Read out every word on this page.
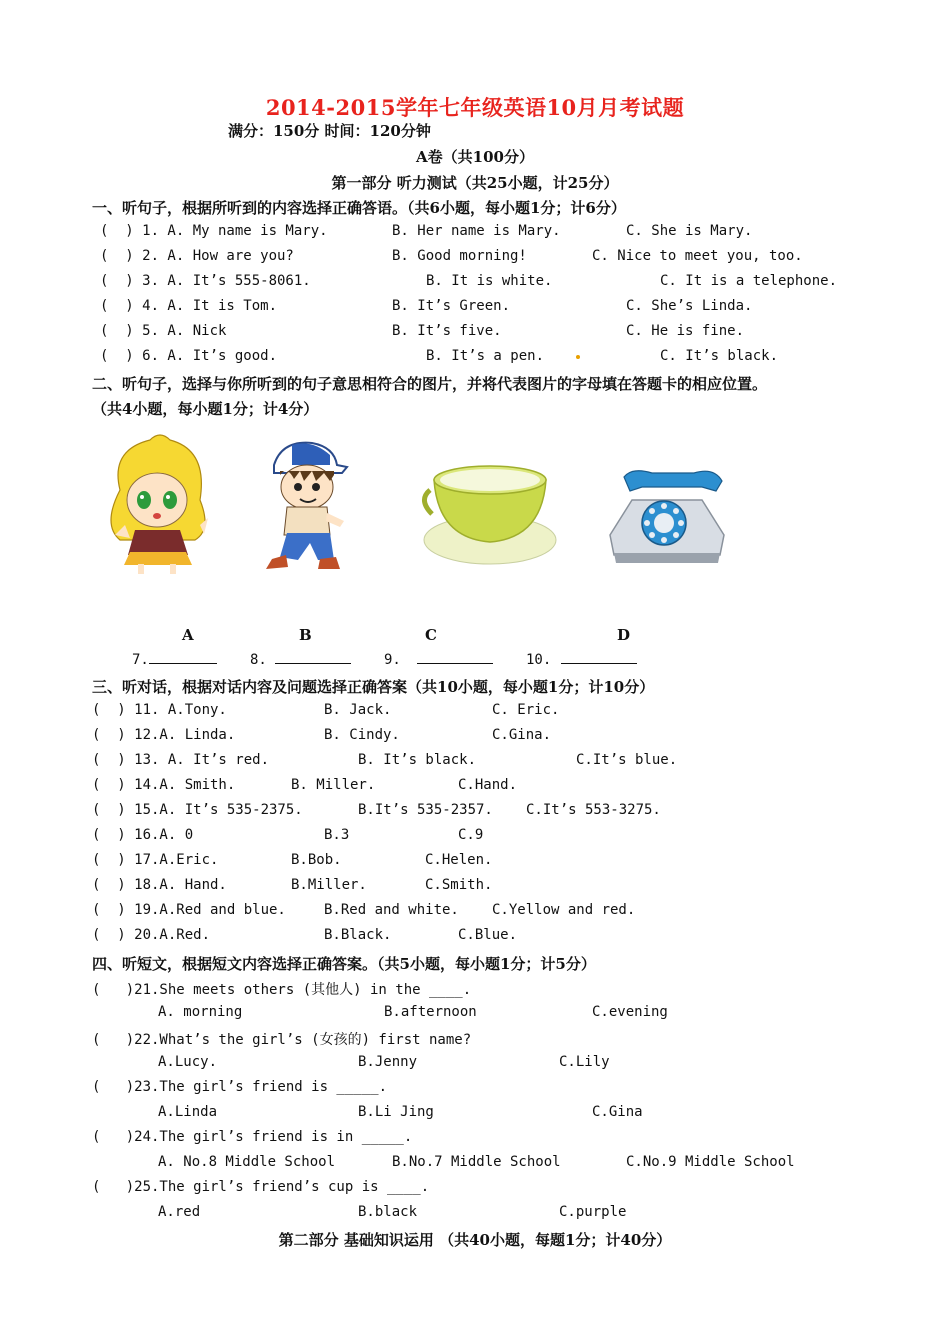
2014-2015学年七年级英语10月月考试题
满分：150分 时间：120分钟
A卷（共100分）
第一部分 听力测试（共25小题，计25分）
一、听句子，根据所听到的内容选择正确答语。（共6小题，每小题1分；计6分）

(  ) 1. A. My name is Mary.

	B. Her name is Mary.

	C. She is Mary.

(  ) 2. A. How are you?

	B. Good morning!

	C. Nice to meet you, too.

(  ) 3. A. It’s 555-8061.

	B. It is white.

	C. It is a telephone.

(  ) 4. A. It is Tom.

	B. It’s Green.

	C. She’s Linda.

(  ) 5. A. Nick

	B. It’s five.

	C. He is fine.

(  ) 6. A. It’s good.

	B. It’s a pen.

	C. It’s black.

二、听句子，选择与你所听到的句子意思相符合的图片，并将代表图片的字母填在答题卡的相应位置。
（共4小题，每小题1分；计4分）
A	B	C	D
7.	8.	9.	10.
三、听对话，根据对话内容及问题选择正确答案（共10小题，每小题1分；计10分）

(  ) 11. A.Tony.

	B. Jack.

	C. Eric.

(  ) 12.A. Linda.

	B. Cindy.

	C.Gina.

(  ) 13. A. It’s red.

	B. It’s black.

	C.It’s blue.

(  ) 14.A. Smith.

	B. Miller.

	C.Hand.

(  ) 15.A. It’s 535-2375.

	B.It’s 535-2357.

C.It’s 553-3275.

(  ) 16.A. 0

	B.3

	C.9

(  ) 17.A.Eric.

	B.Bob.

	C.Helen.

(  ) 18.A. Hand.

	B.Miller.

	C.Smith.

(  ) 19.A.Red and blue.

	B.Red and white.

C.Yellow and red.

(  ) 20.A.Red.

	B.Black.

	C.Blue.

四、听短文，根据短文内容选择正确答案。（共5小题，每小题1分；计5分）
(   )21.She meets others (其他人) in the ____.

A. morning

	B.afternoon

	C.evening

(   )22.What’s the girl’s (女孩的) first name?

A.Lucy.

	B.Jenny

	C.Lily

(   )23.The girl’s friend is _____.

A.Linda

	B.Li Jing

	C.Gina

(   )24.The girl’s friend is in _____.

A. No.8 Middle School

	B.No.7 Middle School

	C.No.9 Middle School

(   )25.The girl’s friend’s cup is ____.

A.red

	B.black

	C.purple

第二部分 基础知识运用 （共40小题，每题1分；计40分）
